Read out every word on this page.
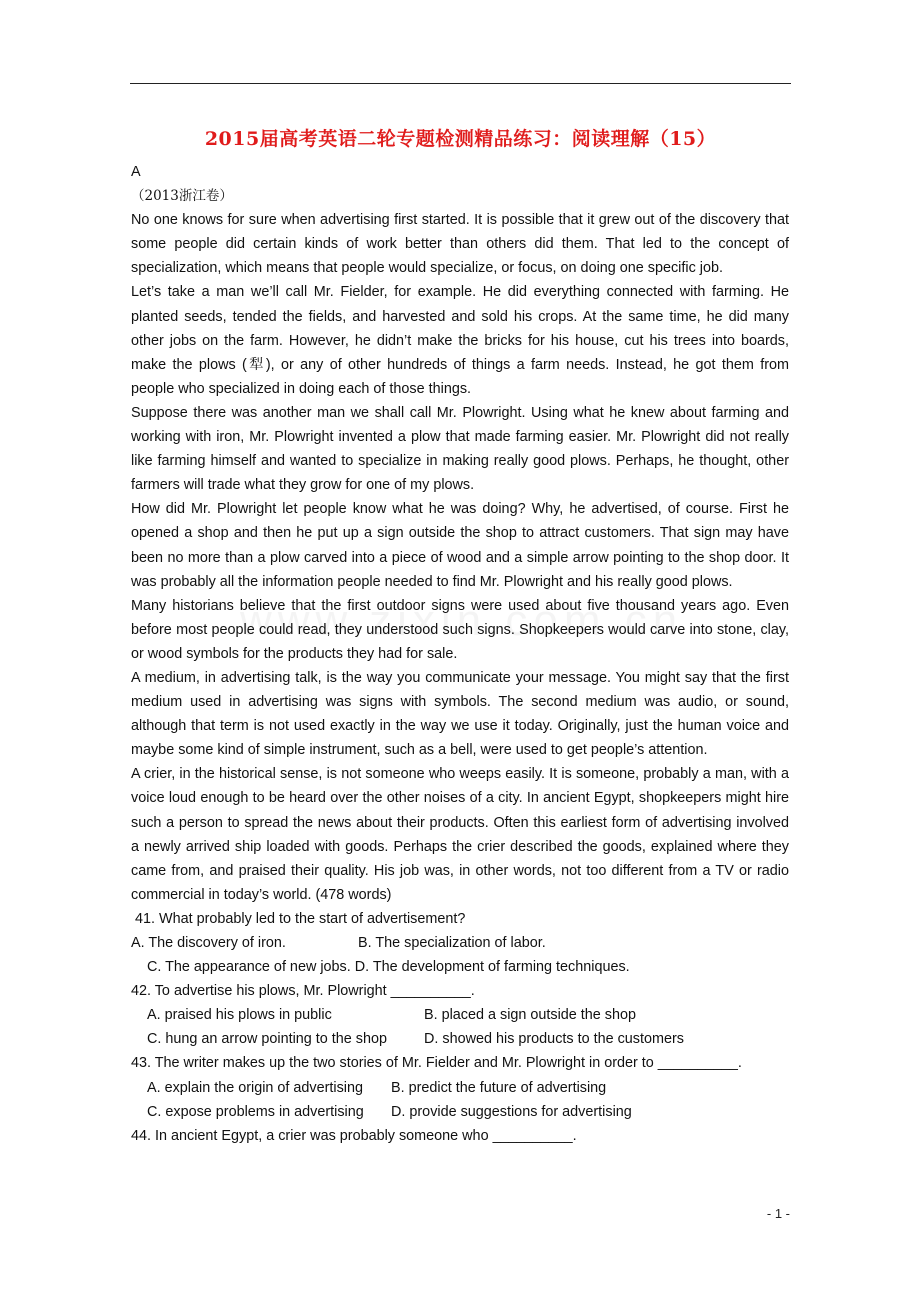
2015届高考英语二轮专题检测精品练习：阅读理解（15）
A
（2013浙江卷）
No one knows for sure when advertising first started. It is possible that it grew out of the discovery that some people did certain kinds of work better than others did them. That led to the concept of specialization, which means that people would specialize, or focus, on doing one specific job.
Let’s take a man we’ll call Mr. Fielder, for example. He did everything connected with farming. He planted seeds, tended the fields, and harvested and sold his crops. At the same time, he did many other jobs on the farm. However, he didn’t make the bricks for his house, cut his trees into boards, make the plows (犁), or any of other hundreds of things a farm needs. Instead, he got them from people who specialized in doing each of those things.
Suppose there was another man we shall call Mr. Plowright. Using what he knew about farming and working with iron, Mr. Plowright invented a plow that made farming easier. Mr. Plowright did not really like farming himself and wanted to specialize in making really good plows. Perhaps, he thought, other farmers will trade what they grow for one of my plows.
How did Mr. Plowright let people know what he was doing? Why, he advertised, of course. First he opened a shop and then he put up a sign outside the shop to attract customers. That sign may have been no more than a plow carved into a piece of wood and a simple arrow pointing to the shop door. It was probably all the information people needed to find Mr. Plowright and his really good plows.
Many historians believe that the first outdoor signs were used about five thousand years ago. Even before most people could read, they understood such signs. Shopkeepers would carve into stone, clay, or wood symbols for the products they had for sale.
A medium, in advertising talk, is the way you communicate your message. You might say that the first medium used in advertising was signs with symbols. The second medium was audio, or sound, although that term is not used exactly in the way we use it today. Originally, just the human voice and maybe some kind of simple instrument, such as a bell, were used to get people’s attention.
A crier, in the historical sense, is not someone who weeps easily. It is someone, probably a man, with a voice loud enough to be heard over the other noises of a city. In ancient Egypt, shopkeepers might hire such a person to spread the news about their products. Often this earliest form of advertising involved a newly arrived ship loaded with goods. Perhaps the crier described the goods, explained where they came from, and praised their quality. His job was, in other words, not too different from a TV or radio commercial in today’s world. (478 words)
41. What probably led to the start of advertisement?
A. The discovery of iron.	B. The specialization of labor.
C. The appearance of new jobs.
D. The development of farming techniques.
42. To advertise his plows, Mr. Plowright __________.
A. praised his plows in public	B. placed a sign outside the shop
C. hung an arrow pointing to the shop	D. showed his products to the customers
43. The writer makes up the two stories of Mr. Fielder and Mr. Plowright in order to __________.
A. explain the origin of advertising	B. predict the future of advertising
C. expose problems in advertising	D. provide suggestions for advertising
44. In ancient Egypt, a crier was probably someone who __________.
- 1 -
